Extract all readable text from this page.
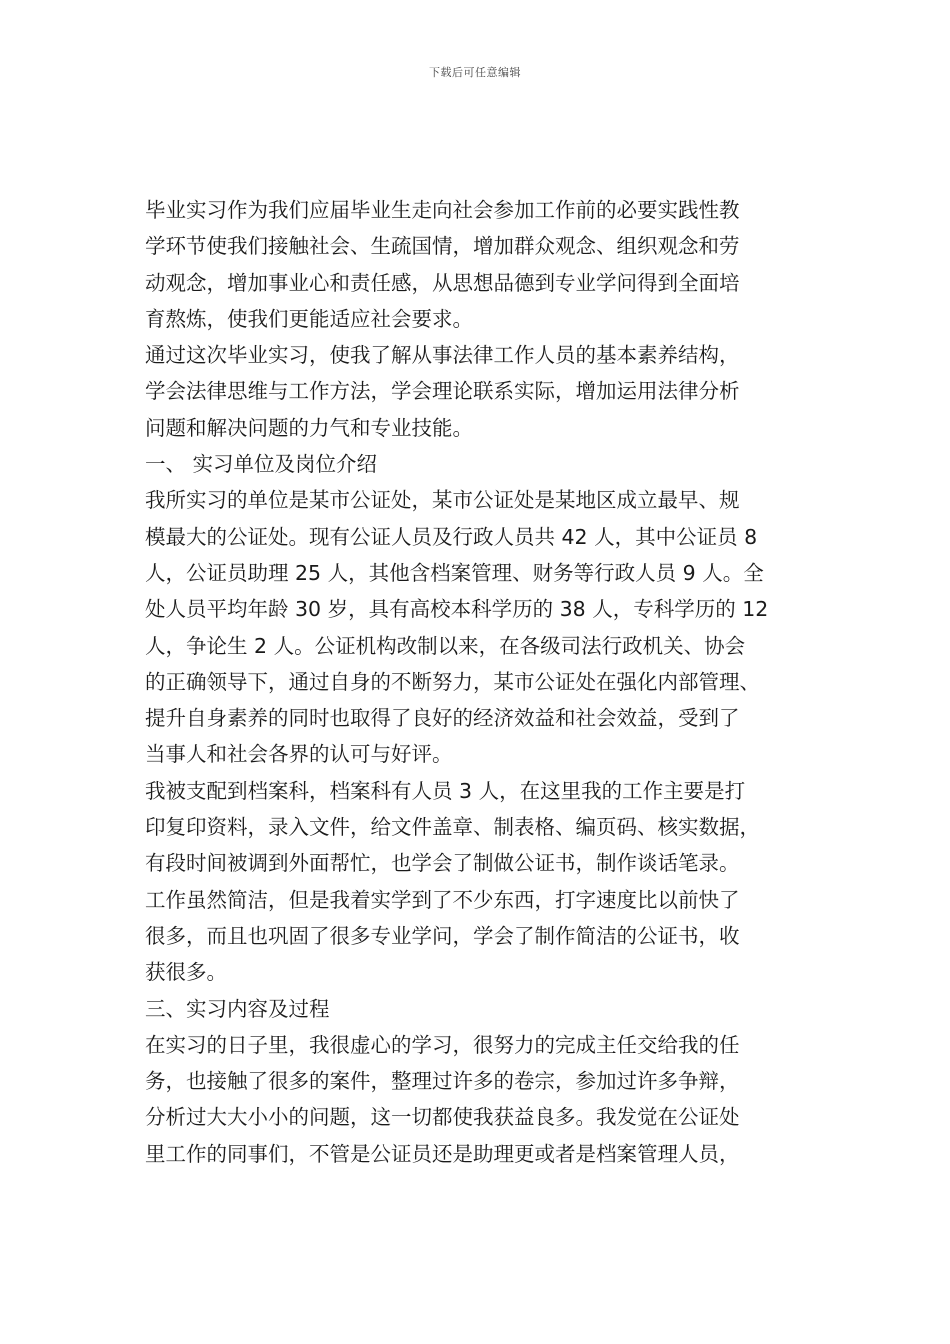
下载后可任意编辑
毕业实习作为我们应届毕业生走向社会参加工作前的必要实践性教
学环节使我们接触社会、生疏国情，增加群众观念、组织观念和劳
动观念，增加事业心和责任感，从思想品德到专业学问得到全面培
育熬炼，使我们更能适应社会要求。
通过这次毕业实习，使我了解从事法律工作人员的基本素养结构，
学会法律思维与工作方法，学会理论联系实际，增加运用法律分析
问题和解决问题的力气和专业技能。
一、 实习单位及岗位介绍
我所实习的单位是某市公证处，某市公证处是某地区成立最早、规
模最大的公证处。现有公证人员及行政人员共 42 人，其中公证员 8
人，公证员助理 25 人，其他含档案管理、财务等行政人员 9 人。全
处人员平均年龄 30 岁，具有高校本科学历的 38 人，专科学历的 12
人，争论生 2 人。公证机构改制以来，在各级司法行政机关、协会
的正确领导下，通过自身的不断努力，某市公证处在强化内部管理、
提升自身素养的同时也取得了良好的经济效益和社会效益，受到了
当事人和社会各界的认可与好评。
我被支配到档案科，档案科有人员 3 人，在这里我的工作主要是打
印复印资料，录入文件，给文件盖章、制表格、编页码、核实数据，
有段时间被调到外面帮忙，也学会了制做公证书，制作谈话笔录。
工作虽然简洁，但是我着实学到了不少东西，打字速度比以前快了
很多，而且也巩固了很多专业学问，学会了制作简洁的公证书，收
获很多。
三、实习内容及过程
在实习的日子里，我很虚心的学习，很努力的完成主任交给我的任
务，也接触了很多的案件，整理过许多的卷宗，参加过许多争辩，
分析过大大小小的问题，这一切都使我获益良多。我发觉在公证处
里工作的同事们，不管是公证员还是助理更或者是档案管理人员，
